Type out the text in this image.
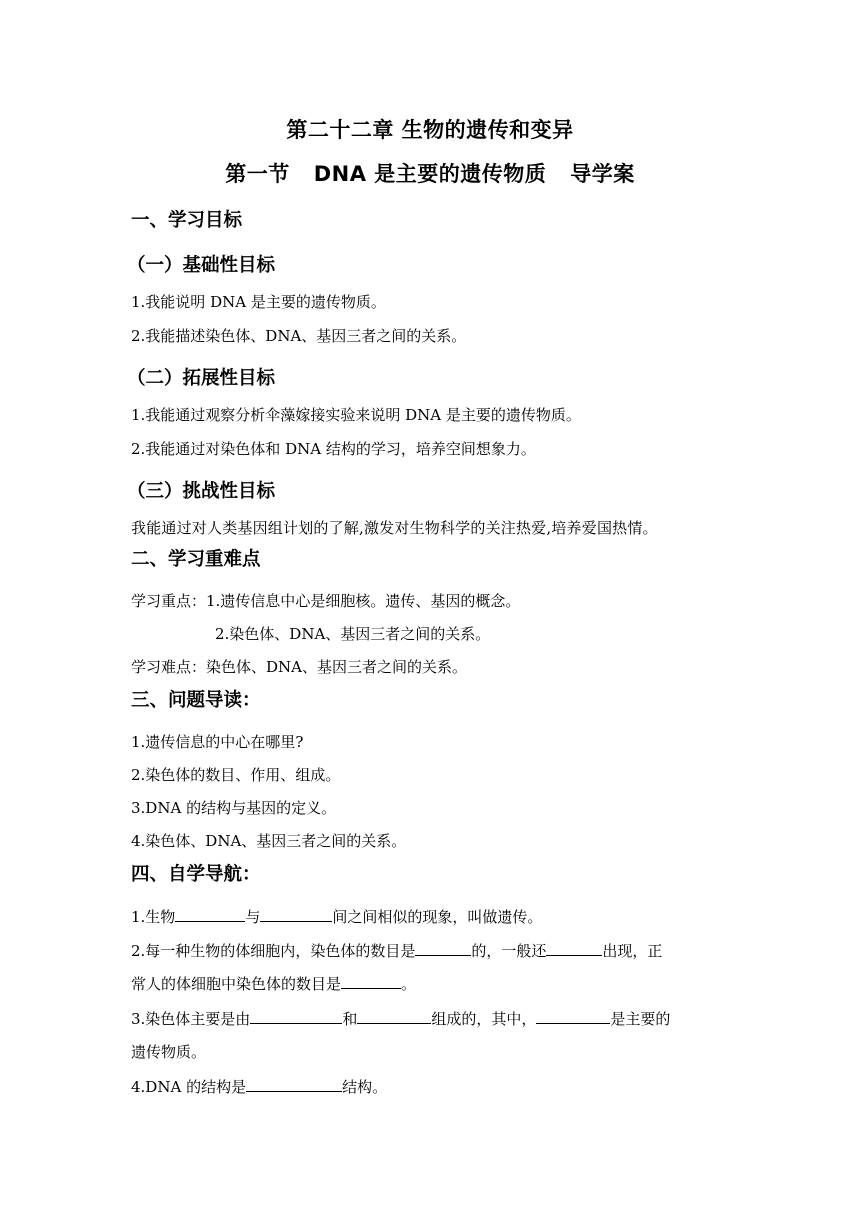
第二十二章 生物的遗传和变异
第一节 DNA 是主要的遗传物质 导学案
一、学习目标
（一）基础性目标
1.我能说明 DNA 是主要的遗传物质。
2.我能描述染色体、DNA、基因三者之间的关系。
（二）拓展性目标
1.我能通过观察分析伞藻嫁接实验来说明 DNA 是主要的遗传物质。
2.我能通过对染色体和 DNA 结构的学习，培养空间想象力。
（三）挑战性目标
我能通过对人类基因组计划的了解,激发对生物科学的关注热爱,培养爱国热情。
二、学习重难点
学习重点：1.遗传信息中心是细胞核。遗传、基因的概念。
2.染色体、DNA、基因三者之间的关系。
学习难点：染色体、DNA、基因三者之间的关系。
三、问题导读：
1.遗传信息的中心在哪里?
2.染色体的数目、作用、组成。
3.DNA 的结构与基因的定义。
4.染色体、DNA、基因三者之间的关系。
四、自学导航：
1.生物	与	间之间相似的现象，叫做遗传。
2.每一种生物的体细胞内，染色体的数目是	的，一般还	出现，正
常人的体细胞中染色体的数目是	。
3.染色体主要是由	和	组成的，其中，	是主要的
遗传物质。
4.DNA 的结构是	结构。
